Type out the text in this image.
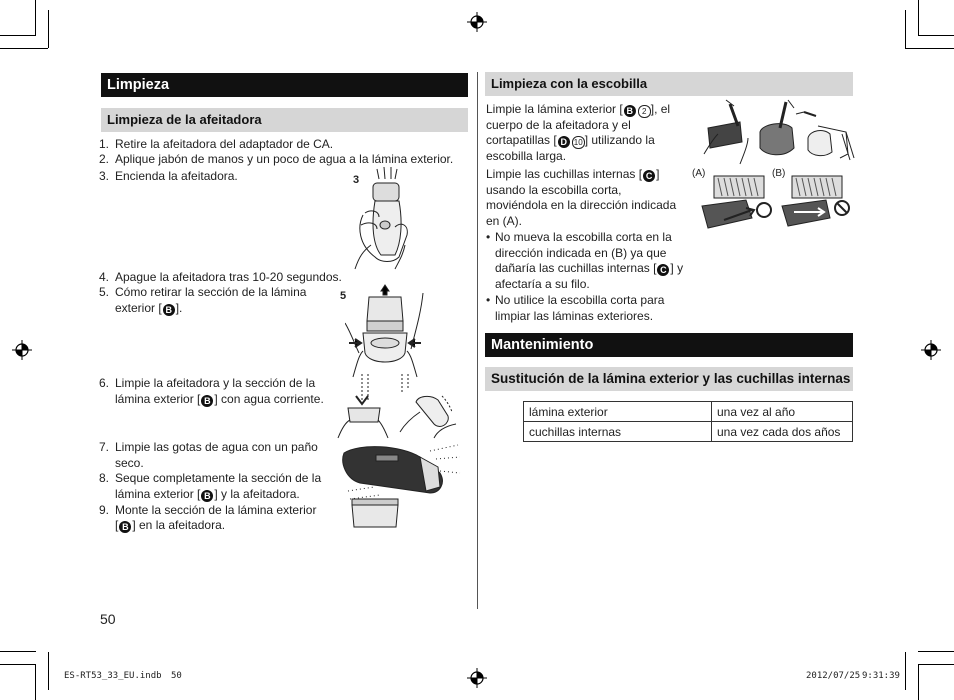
Limpieza
Limpieza de la afeitadora
1. Retire la afeitadora del adaptador de CA.
2. Aplique jabón de manos y un poco de agua a la lámina exterior.
3. Encienda la afeitadora.
4. Apague la afeitadora tras 10-20 segundos.
5. Cómo retirar la sección de la lámina
exterior [ B ].
6. Limpie la afeitadora y la sección de la
lámina exterior [ B ] con agua corriente.
7. Limpie las gotas de agua con un paño
seco.
8. Seque completamente la sección de la
lámina exterior [ B ] y la afeitadora.
9. Monte la sección de la lámina exterior
[ B ] en la afeitadora.
3
5
50
Limpieza con la escobilla
Limpie la lámina exterior [ B 2 ], el
cuerpo de la afeitadora y el
cortapatillas [ D 10 ] utilizando la
escobilla larga.
Limpie las cuchillas internas [ C ]
usando la escobilla corta,
moviéndola en la dirección indicada
en (A).
• No mueva la escobilla corta en la
dirección indicada en (B) ya que
dañaría las cuchillas internas [ C ] y
afectaría a su filo.
• No utilice la escobilla corta para
limpiar las láminas exteriores.
(A)	(B)
Mantenimiento
Sustitución de la lámina exterior y las cuchillas internas
lámina exterior	una vez al año
cuchillas internas	una vez cada dos años
ES-RT53_33_EU.indb 50	2012/07/25 9:31:39
